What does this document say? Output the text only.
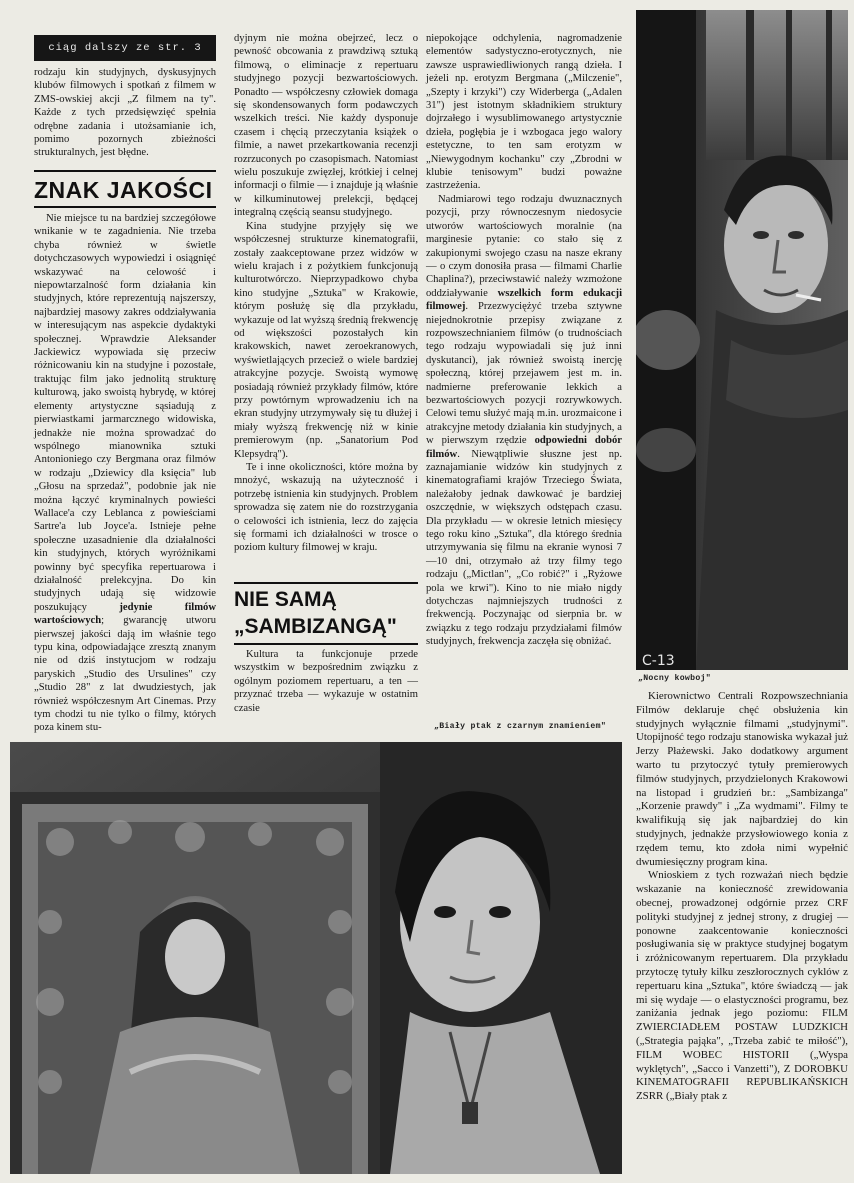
ciąg dalszy ze str. 3

rodzaju kin studyjnych, dyskusyjnych klubów filmowych i spotkań z filmem w ZMS-owskiej akcji „Z filmem na ty". Każde z tych przedsięwzięć spełnia odrębne zadania i utożsamianie ich, pomimo pozornych zbieżności strukturalnych, jest błędne.

ZNAK JAKOŚCI

Nie miejsce tu na bardziej szczegółowe wnikanie w te zagadnienia. Nie trzeba chyba również w świetle dotychczasowych wypowiedzi i osiągnięć wskazywać na celowość i niepowtarzalność form działania kin studyjnych, które reprezentują najszerszy, najbardziej masowy zakres oddziaływania w interesującym nas aspekcie dydaktyki społecznej. Wprawdzie Aleksander Jackiewicz wypowiada się przeciw różnicowaniu kin na studyjne i pozostałe, traktując film jako jednolitą strukturę kulturową, jako swoistą hybrydę, w której elementy artystyczne sąsiadują z pierwiastkami jarmarcznego widowiska, jednakże nie można sprowadzać do wspólnego mianownika sztuki Antonioniego czy Bergmana oraz filmów w rodzaju „Dziewicy dla księcia" lub „Głosu na sprzedaż", podobnie jak nie można łączyć kryminalnych powieści Wallace'a czy Leblanca z powieściami Sartre'a lub Joyce'a. Istnieje pełne społeczne uzasadnienie dla działalności kin studyjnych, których wyróżnikami powinny być specyfika repertuarowa i działalność prelekcyjna. Do kin studyjnych udają się widzowie poszukujący jedynie filmów wartościowych; gwarancję utworu pierwszej jakości dają im właśnie tego typu kina, odpowiadające zresztą znanym nie od dziś instytucjom w rodzaju paryskich „Studio des Ursulines" czy „Studio 28" z lat dwudziestych, jak również współczesnym Art Cinemas. Przy tym chodzi tu nie tylko o filmy, których poza kinem stu-

dyjnym nie można obejrzeć, lecz o pewność obcowania z prawdziwą sztuką filmową, o eliminacje z repertuaru studyjnego pozycji bezwartościowych. Ponadto — współczesny człowiek domaga się skondensowanych form podawczych wszelkich treści. Nie każdy dysponuje czasem i chęcią przeczytania książek o filmie, a nawet przekartkowania recenzji rozrzuconych po czasopismach. Natomiast wielu poszukuje zwięzłej, krótkiej i celnej informacji o filmie — i znajduje ją właśnie w kilkuminutowej prelekcji, będącej integralną częścią seansu studyjnego.

Kina studyjne przyjęły się we współczesnej strukturze kinematografii, zostały zaakceptowane przez widzów w wielu krajach i z pożytkiem funkcjonują kulturotwórczo. Nieprzypadkowo chyba kino studyjne „Sztuka" w Krakowie, którym posłużę się dla przykładu, wykazuje od lat wyższą średnią frekwencję od większości pozostałych kin krakowskich, nawet zeroekranowych, wyświetlających przeciež o wiele bardziej atrakcyjne pozycje. Swoistą wymowę posiadają również przykłady filmów, które przy powtórnym wprowadzeniu ich na ekran studyjny utrzymywały się tu dłużej i miały wyższą frekwencję niż w kinie premierowym (np. „Sanatorium Pod Klepsydrą").

Te i inne okoliczności, które można by mnożyć, wskazują na użyteczność i potrzebę istnienia kin studyjnych. Problem sprowadza się zatem nie do rozstrzygania o celowości ich istnienia, lecz do zajęcia się formami ich działalności w trosce o poziom kultury filmowej w kraju.

NIE SAMĄ
„SAMBIZANGĄ"

Kultura ta funkcjonuje przede wszystkim w bezpośrednim związku z ogólnym poziomem repertuaru, a ten — przyznać trzeba — wykazuje w ostatnim czasie

niepokojące odchylenia, nagromadzenie elementów sadystyczno-erotycznych, nie zawsze usprawiedliwionych rangą dzieła. I jeżeli np. erotyzm Bergmana („Milczenie", „Szepty i krzyki") czy Widerberga („Adalen 31") jest istotnym składnikiem struktury dojrzałego i wysublimowanego artystycznie dzieła, pogłębia je i wzbogaca jego walory estetyczne, to ten sam erotyzm w „Niewygodnym kochanku" czy „Zbrodni w klubie tenisowym" budzi poważne zastrzeżenia.

Nadmiarowi tego rodzaju dwuznacznych pozycji, przy równoczesnym niedosycie utworów wartościowych moralnie (na marginesie pytanie: co stało się z zakupionymi swojego czasu na nasze ekrany — o czym donosiła prasa — filmami Charlie Chaplina?), przeciwstawić należy wzmożone oddziaływanie wszelkich form edukacji filmowej. Przezwyciężyć trzeba sztywne niejednokrotnie przepisy związane z rozpowszechnianiem filmów (o trudnościach tego rodzaju wypowiadali się już inni dyskutanci), jak również swoistą inercję społeczną, której przejawem jest m. in. nadmierne preferowanie lekkich a bezwartościowych pozycji rozrywkowych. Celowi temu służyć mają m.in. urozmaicone i atrakcyjne metody działania kin studyjnych, a w pierwszym rzędzie odpowiedni dobór filmów. Niewątpliwie słuszne jest np. zaznajamianie widzów kin studyjnych z kinematografiami krajów Trzeciego Świata, należałoby jednak dawkować je bardziej oszczędnie, w większych odstępach czasu. Dla przykładu — w okresie letnich miesięcy tego roku kino „Sztuka", dla którego średnia utrzymywania się filmu na ekranie wynosi 7—10 dni, otrzymało aż trzy filmy tego rodzaju („Mictlan", „Co robić?" i „Ryżowe pola we krwi"). Kino to nie miało nigdy dotychczas najmniejszych trudności z frekwencją. Poczynając od sierpnia br. w związku z tego rodzaju przydziałami filmów studyjnych, frekwencja zaczęła się obniżać.

C-13
„Nocny kowboj"

Kierownictwo Centrali Rozpowszechniania Filmów deklaruje chęć obsłużenia kin studyjnych wyłącznie filmami „studyjnymi". Utopijność tego rodzaju stanowiska wykazał już Jerzy Płażewski. Jako dodatkowy argument warto tu przytoczyć tytuły premierowych filmów studyjnych, przydzielonych Krakowowi na listopad i grudzień br.: „Sambizanga" „Korzenie prawdy" i „Za wydmami". Filmy te kwalifikują się jak najbardziej do kin studyjnych, jednakże przysłowiowego konia z rzędem temu, kto zdoła nimi wypełnić dwumiesięczny program kina.

Wnioskiem z tych rozważań niech będzie wskazanie na konieczność zrewidowania obecnej, prowadzonej odgórnie przez CRF polityki studyjnej z jednej strony, z drugiej — ponowne zaakcentowanie konieczności posługiwania się w praktyce studyjnej bogatym i zróżnicowanym repertuarem. Dla przykładu przytoczę tytuły kilku zeszłorocznych cyklów z repertuaru kina „Sztuka", które świadczą — jak mi się wydaje — o elastyczności programu, bez zaniżania jednak jego poziomu: FILM ZWIERCIADŁEM POSTAW LUDZKICH („Strategia pająka", „Trzeba zabić te miłość"), FILM WOBEC HISTORII („Wyspa wyklętych", „Sacco i Vanzetti"), Z DOROBKU KINEMATOGRAFII REPUBLIKAŃSKICH ZSRR („Biały ptak z

„Biały ptak z czarnym znamieniem"
